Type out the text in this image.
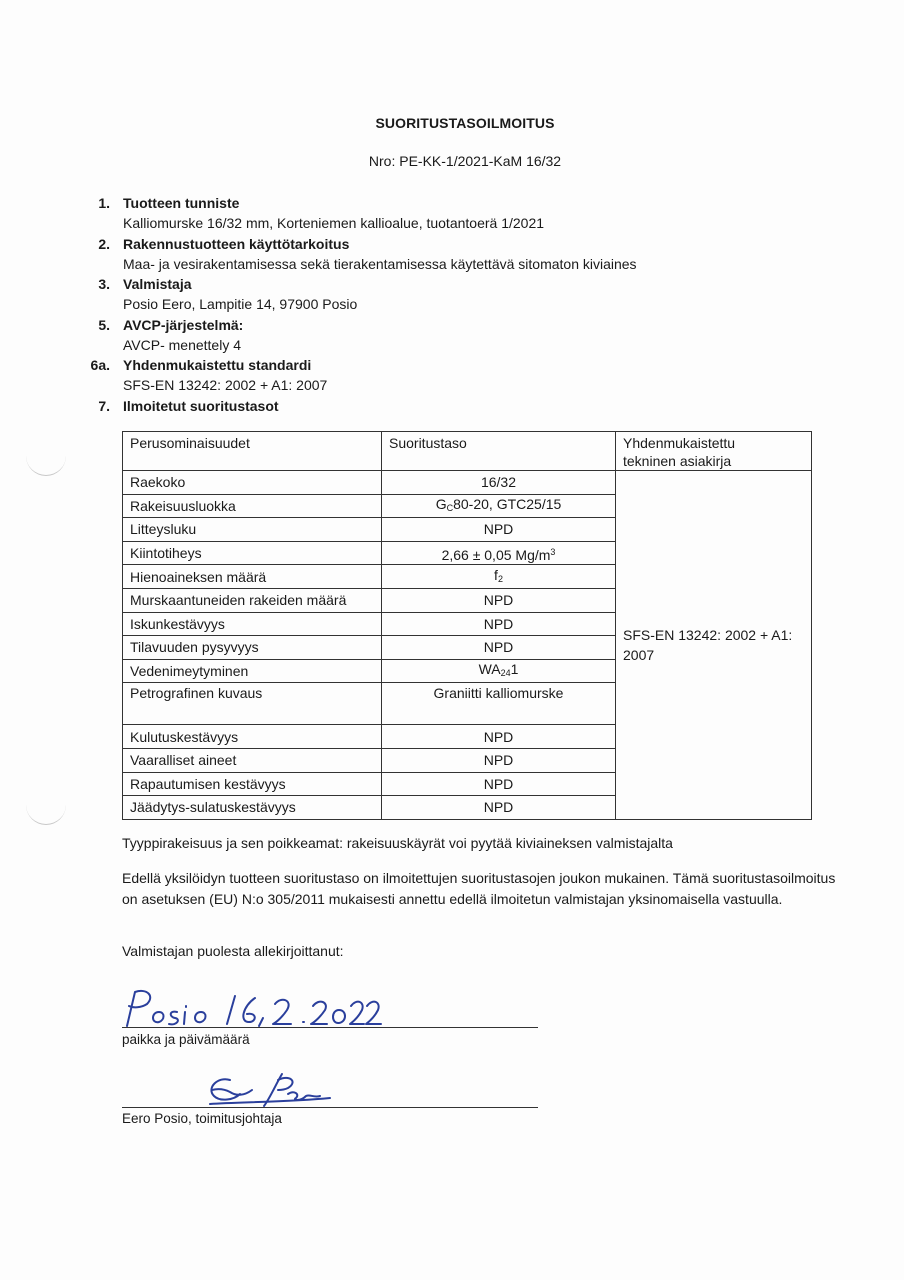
SUORITUSTASOILMOITUS
Nro: PE-KK-1/2021-KaM 16/32
1. Tuotteen tunniste
Kalliomurske 16/32 mm, Korteniemen kallioalue, tuotantoerä 1/2021
2. Rakennustuotteen käyttötarkoitus
Maa- ja vesirakentamisessa sekä tierakentamisessa käytettävä sitomaton kiviaines
3. Valmistaja
Posio Eero, Lampitie 14, 97900 Posio
5. AVCP-järjestelmä:
AVCP- menettely 4
6a. Yhdenmukaistettu standardi
SFS-EN 13242: 2002 + A1: 2007
7. Ilmoitetut suoritustasot
Perusominaisuudet	Suoritustaso	Yhdenmukaistettu
tekninen asiakirja
Raekoko	16/32	SFS-EN 13242: 2002 + A1: 2007
Rakeisuusluokka	$G_C80-20$, GTC25/15	
Litteysluku	NPD	
Kiintotiheys	2,66 ± 0,05 $Mg/m^3$
Hienoaineksen määrä	$f_2$
Murskaantuneiden rakeiden määrä	NPD	
Iskunkestävyys	NPD	
Tilavuuden pysyvyys	NPD	
Vedenimeytyminen	$WA_{24}1$	
Petrografinen kuvaus	Graniitti kalliomurske	
Kulutuskestävyys	NPD	
Vaaralliset aineet	NPD	
Rapautumisen kestävyys	NPD	
Jäädytys-sulatuskestävyys	NPD	
Tyyppirakeisuus ja sen poikkeamat: rakeisuuskäyrät voi pyytää kiviaineksen valmistajalta
Edellä yksilöidyn tuotteen suoritustaso on ilmoitettujen suoritustasojen joukon mukainen. Tämä suoritustasoilmoitus on asetuksen (EU) N:o 305/2011 mukaisesti annettu edellä ilmoitetun valmistajan yksinomaisella vastuulla.
Valmistajan puolesta allekirjoittanut:
paikka ja päivämäärä
Eero Posio, toimitusjohtaja
